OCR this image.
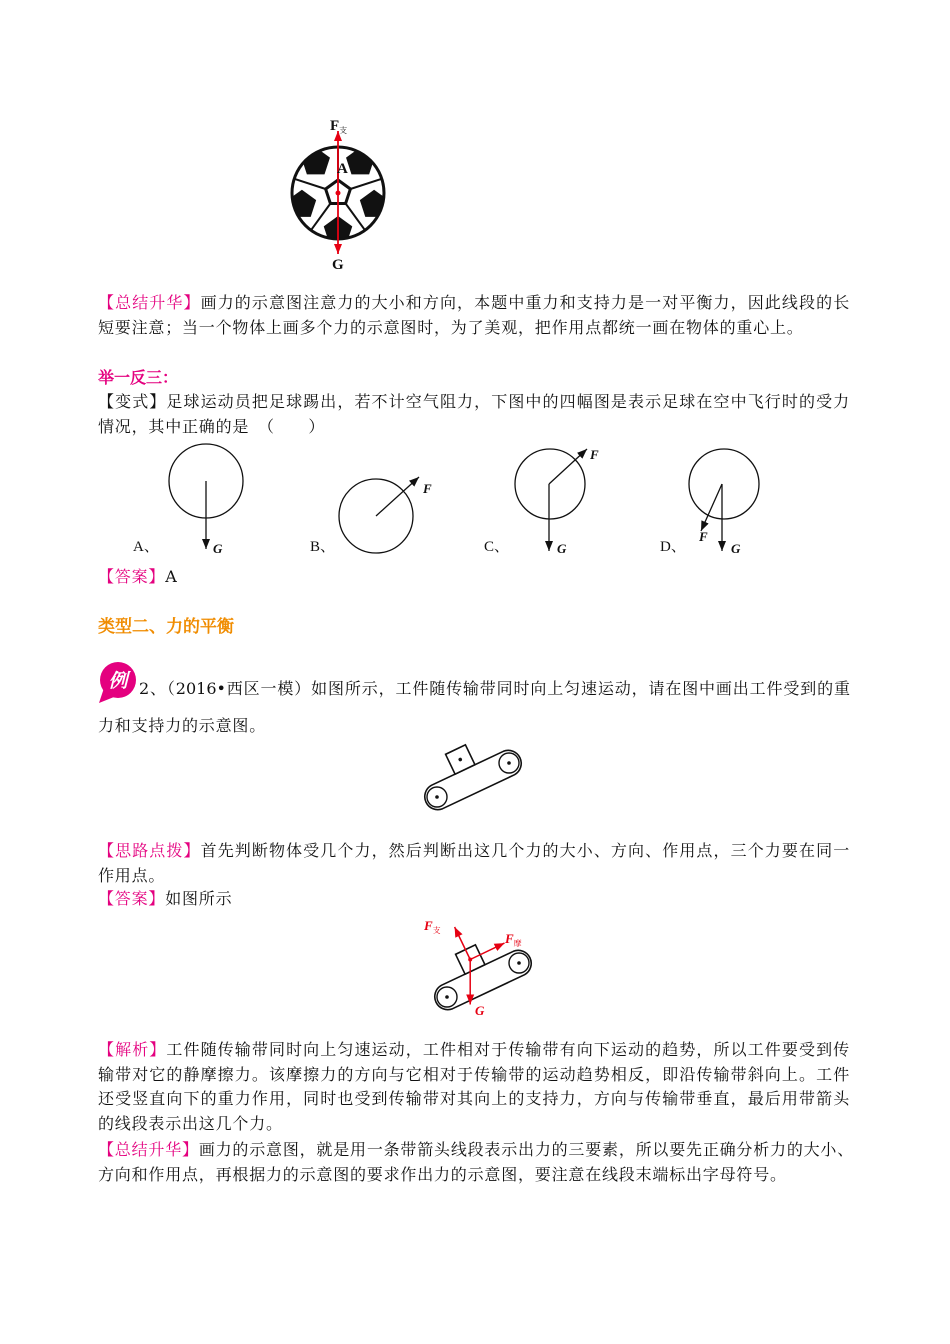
$F_支$
A
G
G
F
F
G
F
G
例
$F_支$
$F_摩$
G
【总结升华】画力的示意图注意力的大小和方向，本题中重力和支持力是一对平衡力，因此线段的长
短要注意；当一个物体上画多个力的示意图时，为了美观，把作用点都统一画在物体的重心上。
举一反三：
【变式】足球运动员把足球踢出，若不计空气阻力，下图中的四幅图是表示足球在空中飞行时的受力
情况，其中正确的是　（　　）
A、	B、	C、	D、
【答案】A
类型二、力的平衡
2、（2016•西区一模）如图所示，工件随传输带同时向上匀速运动，请在图中画出工件受到的重
力和支持力的示意图。
【思路点拨】首先判断物体受几个力，然后判断出这几个力的大小、方向、作用点，三个力要在同一
作用点。
【答案】如图所示
【解析】工件随传输带同时向上匀速运动，工件相对于传输带有向下运动的趋势，所以工件要受到传
输带对它的静摩擦力。该摩擦力的方向与它相对于传输带的运动趋势相反，即沿传输带斜向上。工件
还受竖直向下的重力作用，同时也受到传输带对其向上的支持力，方向与传输带垂直，最后用带箭头
的线段表示出这几个力。
【总结升华】画力的示意图，就是用一条带箭头线段表示出力的三要素，所以要先正确分析力的大小、
方向和作用点，再根据力的示意图的要求作出力的示意图，要注意在线段末端标出字母符号。
